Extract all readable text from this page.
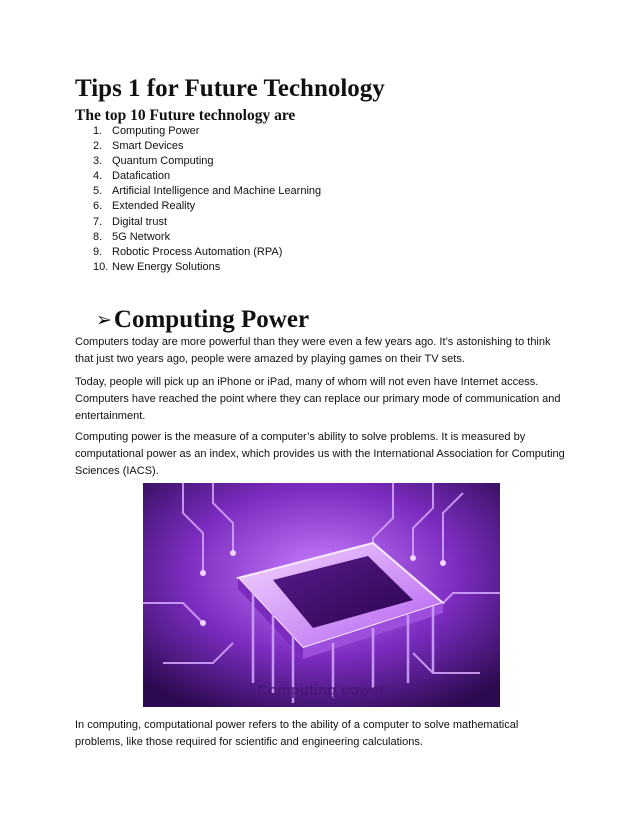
Tips 1 for Future Technology
The top 10 Future technology are
1. Computing Power
2. Smart Devices
3. Quantum Computing
4. Datafication
5. Artificial Intelligence and Machine Learning
6. Extended Reality
7. Digital trust
8. 5G Network
9. Robotic Process Automation (RPA)
10. New Energy Solutions
➢ Computing Power

Computers today are more powerful than they were even a few years ago. It’s astonishing to think that just two years ago, people were amazed by playing games on their TV sets.

Today, people will pick up an iPhone or iPad, many of whom will not even have Internet access. Computers have reached the point where they can replace our primary mode of communication and entertainment.

Computing power is the measure of a computer’s ability to solve problems. It is measured by computational power as an index, which provides us with the International Association for Computing Sciences (IACS).

Computing power

In computing, computational power refers to the ability of a computer to solve mathematical problems, like those required for scientific and engineering calculations.
